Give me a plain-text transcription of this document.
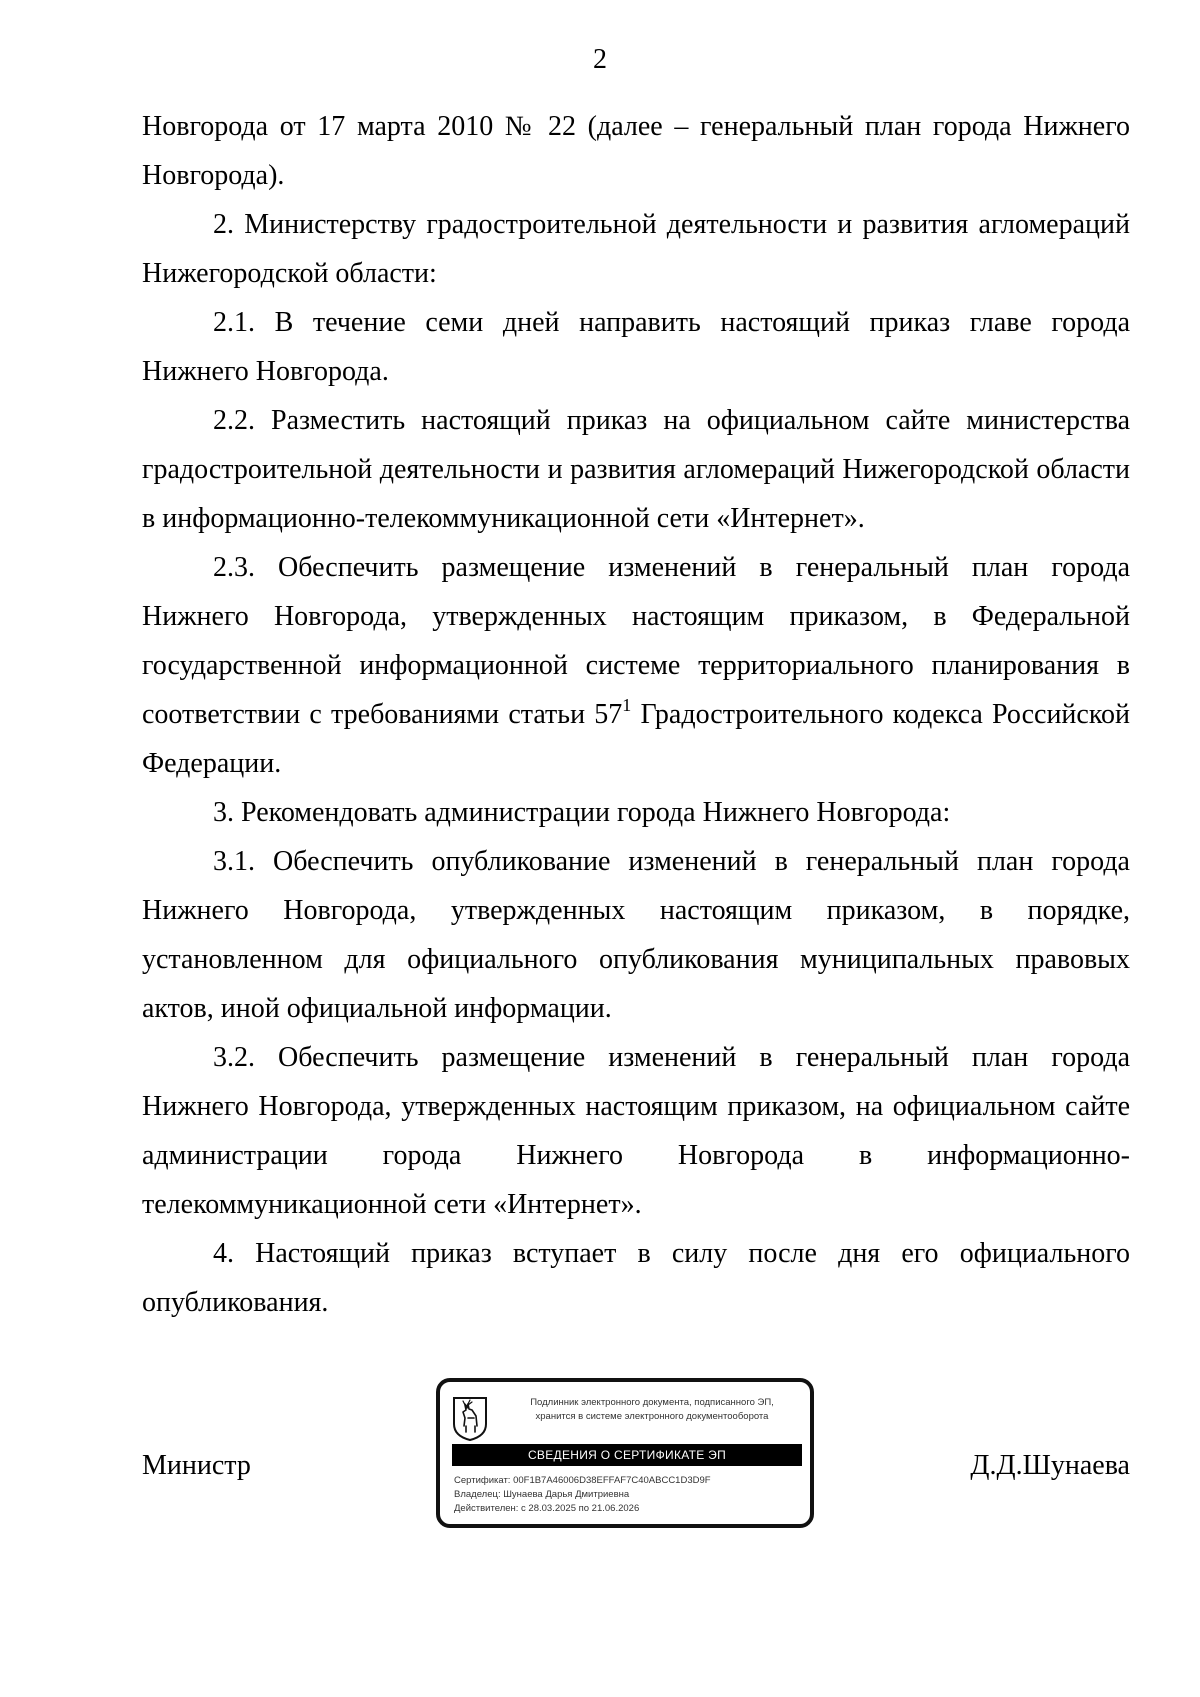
2

Новгорода от 17 марта 2010 № 22 (далее – генеральный план города Нижнего Новгорода).

2. Министерству градостроительной деятельности и развития агломераций Нижегородской области:

2.1. В течение семи дней направить настоящий приказ главе города Нижнего Новгорода.

2.2. Разместить настоящий приказ на официальном сайте министерства градостроительной деятельности и развития агломераций Нижегородской области в информационно-телекоммуникационной сети «Интернет».

2.3. Обеспечить размещение изменений в генеральный план города Нижнего Новгорода, утвержденных настоящим приказом, в Федеральной государственной информационной системе территориального планирования в соответствии с требованиями статьи $57^1$ Градостроительного кодекса Российской Федерации.

3. Рекомендовать администрации города Нижнего Новгорода:

3.1. Обеспечить опубликование изменений в генеральный план города Нижнего Новгорода, утвержденных настоящим приказом, в порядке, установленном для официального опубликования муниципальных правовых актов, иной официальной информации.

3.2. Обеспечить размещение изменений в генеральный план города Нижнего Новгорода, утвержденных настоящим приказом, на официальном сайте администрации города Нижнего Новгорода в информационно-телекоммуникационной сети «Интернет».

4. Настоящий приказ вступает в силу после дня его официального опубликования.

Министр
Подлинник электронного документа, подписанного ЭП,
хранится в системе электронного документооборота
СВЕДЕНИЯ О СЕРТИФИКАТЕ ЭП
Сертификат: 00F1B7A46006D38EFFAF7C40ABCC1D3D9F
Владелец: Шунаева Дарья Дмитриевна
Действителен: с 28.03.2025 по 21.06.2026
Д.Д.Шунаева
